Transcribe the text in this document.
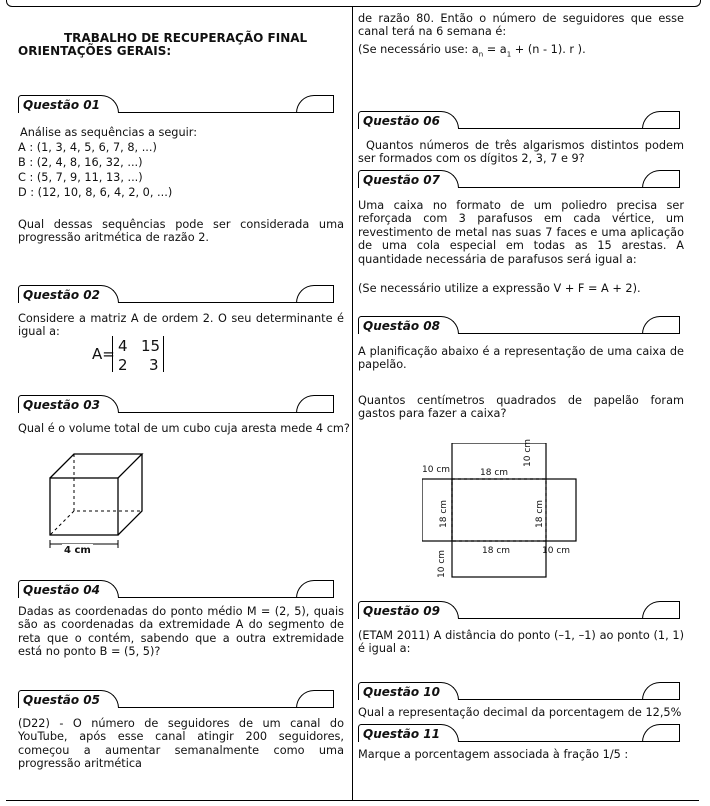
TRABALHO DE RECUPERAÇÃO FINAL
ORIENTAÇÕES GERAIS:
Questão 01
Análise as sequências a seguir:
A : (1, 3, 4, 5, 6, 7, 8, ...)
B : (2, 4, 8, 16, 32, ...)
C : (5, 7, 9, 11, 13, ...)
D : (12, 10, 8, 6, 4, 2, 0, ...)
Qual dessas sequências pode ser considerada uma progressão aritmética de razão 2.
Questão 02
Considere a matriz A de ordem 2. O seu determinante é igual a:
A= 4 15
2 3
Questão 03
Qual é o volume total de um cubo cuja aresta mede 4 cm?
4 cm
Questão 04
Dadas as coordenadas do ponto médio M = (2, 5), quais são as coordenadas da extremidade A do segmento de reta que o contém, sabendo que a outra extremidade está no ponto B = (5, 5)?
Questão 05
(D22) - O número de seguidores de um canal do YouTube, após esse canal atingir 200 seguidores, começou a aumentar semanalmente como uma progressão aritmética
de razão 80. Então o número de seguidores que esse canal terá na 6 semana é:
(Se necessário use: $a_n = a_1 + (n - 1)$. r ).
Questão 06
Quantos números de três algarismos distintos podem ser formados com os dígitos 2, 3, 7 e 9?
Questão 07
Uma caixa no formato de um poliedro precisa ser reforçada com 3 parafusos em cada vértice, um revestimento de metal nas suas 7 faces e uma aplicação de uma cola especial em todas as 15 arestas. A quantidade necessária de parafusos será igual a:
(Se necessário utilize a expressão V + F = A + 2).
Questão 08
A planificação abaixo é a representação de uma caixa de papelão.
Quantos centímetros quadrados de papelão foram gastos para fazer a caixa?
10 cm	18 cm
10 cm
18 cm	18 cm
10 cm	18 cm	10 cm
Questão 09
(ETAM 2011) A distância do ponto (–1, –1) ao ponto (1, 1) é igual a:
Questão 10
Qual a representação decimal da porcentagem de 12,5%
Questão 11
Marque a porcentagem associada à fração 1/5 :
